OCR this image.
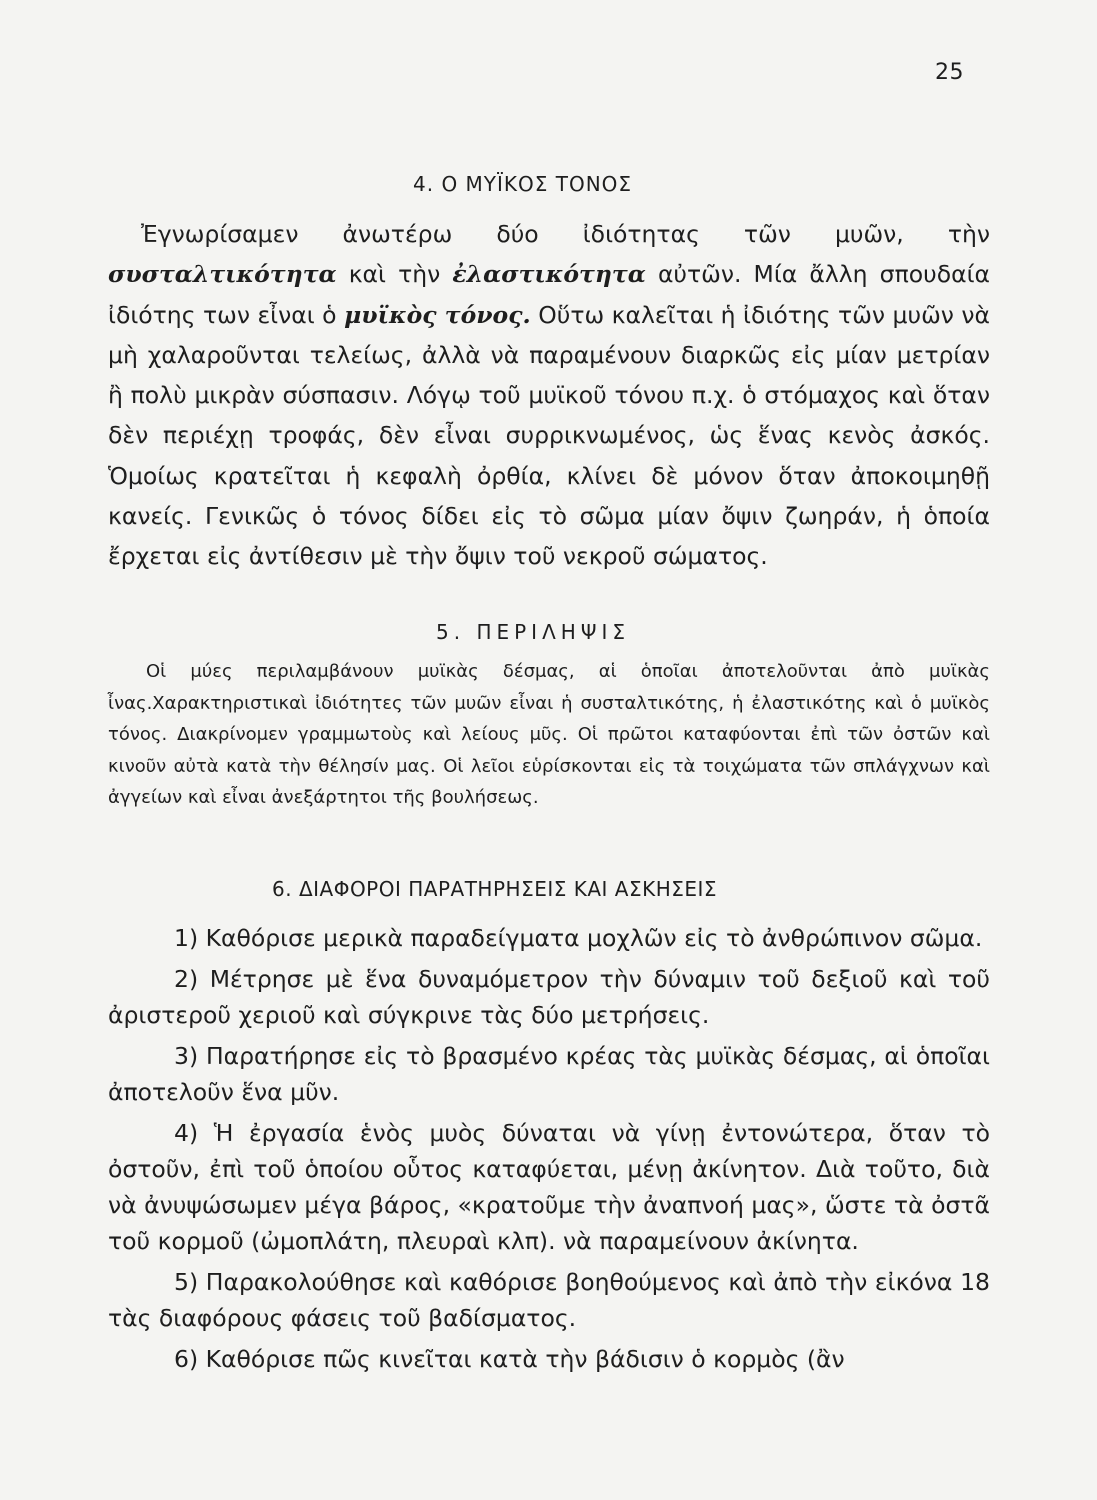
25
4. Ο ΜΥΪΚΟΣ ΤΟΝΟΣ

Ἐγνωρίσαμεν ἀνωτέρω δύο ἰδιότητας τῶν μυῶν, τὴν συσταλτικότητα καὶ τὴν ἐλαστικότητα αὐτῶν. Μία ἄλλη σπουδαία ἰδιότης των εἶναι ὁ μυϊκὸς τόνος. Οὕτω καλεῖται ἡ ἰδιότης τῶν μυῶν νὰ μὴ χαλαροῦνται τελείως, ἀλλὰ νὰ παραμένουν διαρκῶς εἰς μίαν μετρίαν ἢ πολὺ μικρὰν σύσπασιν. Λόγῳ τοῦ μυϊκοῦ τόνου π.χ. ὁ στόμαχος καὶ ὅταν δὲν περιέχῃ τροφάς, δὲν εἶναι συρρικνωμένος, ὡς ἕνας κενὸς ἀσκός. Ὁμοίως κρατεῖται ἡ κεφαλὴ ὀρθία, κλίνει δὲ μόνον ὅταν ἀποκοιμηθῇ κανείς. Γενικῶς ὁ τόνος δίδει εἰς τὸ σῶμα μίαν ὄψιν ζωηράν, ἡ ὁποία ἔρχεται εἰς ἀντίθεσιν μὲ τὴν ὄψιν τοῦ νεκροῦ σώματος.

5. ΠΕΡΙΛΗΨΙΣ

Οἱ μύες περιλαμβάνουν μυϊκὰς δέσμας, αἱ ὁποῖαι ἀποτελοῦνται ἀπὸ μυϊκὰς ἶνας.Χαρακτηριστικαὶ ἰδιότητες τῶν μυῶν εἶναι ἡ συσταλτικότης, ἡ ἐλαστικότης καὶ ὁ μυϊκὸς τόνος. Διακρίνομεν γραμμωτοὺς καὶ λείους μῦς. Οἱ πρῶτοι καταφύονται ἐπὶ τῶν ὀστῶν καὶ κινοῦν αὐτὰ κατὰ τὴν θέλησίν μας. Οἱ λεῖοι εὑρίσκονται εἰς τὰ τοιχώματα τῶν σπλάγχνων καὶ ἀγγείων καὶ εἶναι ἀνεξάρτητοι τῆς βουλήσεως.

6. ΔΙΑΦΟΡΟΙ ΠΑΡΑΤΗΡΗΣΕΙΣ ΚΑΙ ΑΣΚΗΣΕΙΣ
1) Καθόρισε μερικὰ παραδείγματα μοχλῶν εἰς τὸ ἀνθρώπινον σῶμα.
2) Μέτρησε μὲ ἕνα δυναμόμετρον τὴν δύναμιν τοῦ δεξιοῦ καὶ τοῦ ἀριστεροῦ χεριοῦ καὶ σύγκρινε τὰς δύο μετρήσεις.
3) Παρατήρησε εἰς τὸ βρασμένο κρέας τὰς μυϊκὰς δέσμας, αἱ ὁποῖαι ἀποτελοῦν ἕνα μῦν.
4) Ἡ ἐργασία ἑνὸς μυὸς δύναται νὰ γίνῃ ἐντονώτερα, ὅταν τὸ ὀστοῦν, ἐπὶ τοῦ ὁποίου οὗτος καταφύεται, μένῃ ἀκίνητον. Διὰ τοῦτο, διὰ νὰ ἀνυψώσωμεν μέγα βάρος, «κρατοῦμε τὴν ἀναπνοή μας», ὥστε τὰ ὀστᾶ τοῦ κορμοῦ (ὠμοπλάτη, πλευραὶ κλπ). νὰ παραμείνουν ἀκίνητα.
5) Παρακολούθησε καὶ καθόρισε βοηθούμενος καὶ ἀπὸ τὴν εἰκόνα 18 τὰς διαφόρους φάσεις τοῦ βαδίσματος.
6) Καθόρισε πῶς κινεῖται κατὰ τὴν βάδισιν ὁ κορμὸς (ἂν
